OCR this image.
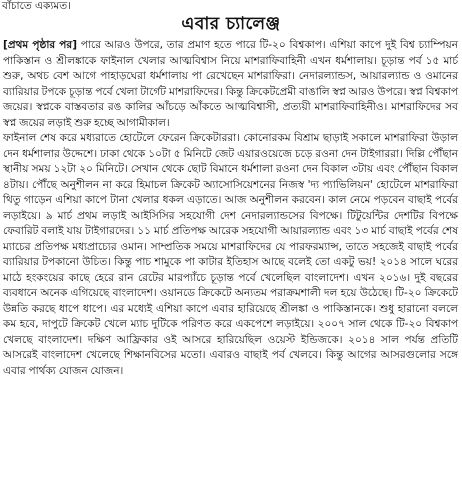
বাঁচাতে এক্যমত।
এবার চ্যালেঞ্জ

[প্রথম পৃষ্ঠার পর] পারে আরও উপরে, তার প্রমাণ হতে পারে টি-২০ বিশ্বকাপ। এশিয়া কাপে দুই বিশ্ব চ্যাম্পিয়ন পাকিস্তান ও শ্রীলঙ্কাকে ফাইনাল খেলার আত্মবিশ্বাস নিয়ে মাশরাফিবাহিনী এখন ধর্মশালায়। চূড়ান্ত পর্ব ১৫ মার্চ শুরু, অথচ বেশ আগে পাহাড়ঘেরা ধর্মশালায় পা রেখেছেন মাশরাফিরা। নেদারল্যান্ডস, আয়ারল্যান্ড ও ওমানের ব্যারিয়ার টপকে চূড়ান্ত পর্বে খেলা টার্গেট মাশরাফিদের। কিন্তু ক্রিকেটপ্রেমী বাঙালি স্বপ্ন আরও উপরে। স্বপ্ন বিশ্বকাপ জয়ের। স্বপ্নকে বাস্তবতার রঙ কালির আঁচড়ে আঁকতে আত্মবিশ্বাসী, প্রত্যয়ী মাশরাফিবাহিনীও। মাশরাফিদের সব স্বপ্ন জয়ের লড়াই শুরু হচ্ছে আগামীকাল।

ফাইনাল শেষ করে মধ্যরাতে হোটেলে ফেরেন ক্রিকেটাররা। কোনোরকম বিশ্রাম ছাড়াই সকালে মাশরাফিরা উড়াল দেন ধর্মশালার উদ্দেশে। ঢাকা থেকে ১০টা ৫ মিনিটে জেট এয়ারওয়েজে চড়ে রওনা দেন টাইগাররা। দিল্লি পৌঁছান স্থানীয় সময় ১২টা ২০ মিনিটে। সেখান থেকে ছোট বিমানে ধর্মশালা রওনা দেন বিকাল ৩টায় এবং পৌঁছান বিকাল ৪টায়। পৌঁছে অনুশীলন না করে হিমাচল ক্রিকেট অ্যাসোসিয়েশনের নিজস্ব 'দ্য প্যাভিলিয়ন' হোটেলে মাশরাফিরা থিতু গাড়েন এশিয়া কাপে টানা খেলার ধকল এড়াতে। আজ অনুশীলন করবেন। কাল নেমে পড়বেন বাছাই পর্বের লড়াইয়ে। ৯ মার্চ প্রথম লড়াই আইসিসির সহযোগী দেশ নেদারল্যান্ডসের বিপক্ষে। টিটুয়েন্টির দেশটির বিপক্ষে ফেবারিট বলাই যায় টাইগারদের। ১১ মার্চ প্রতিপক্ষ আরেক সহযোগী আয়ারল্যান্ড এবং ১৩ মার্চ বাছাই পর্বের শেষ ম্যাচের প্রতিপক্ষ মধ্যপ্রাচ্যের ওমান। সাম্প্রতিক সময়ে মাশরাফিদের যে পারফরম্যান্স, তাতে সহজেই বাছাই পর্বের ব্যারিয়ার টপকানো উচিত। কিন্তু পাচ শামুকে পা কাটার ইতিহাস আছে বলেই তো একটু ভয়! ২০১৪ সালে ঘরের মাঠে হংকংয়ের কাছে হেরে রান রেটের মারপ্যাঁচে চূড়ান্ত পর্বে খেলেছিল বাংলাদেশ। এখন ২০১৬। দুই বছরের ব্যবধানে অনেক এগিয়েছে বাংলাদেশ। ওয়ানডে ক্রিকেটে অন্যতম পরাক্রমশালী দল হয়ে উঠেছে। টি-২০ ক্রিকেটে উন্নতি করছে ধাপে ধাপে। এর মধ্যেই এশিয়া কাপে এবার হারিয়েছে শ্রীলঙ্কা ও পাকিস্তানকে। শুধু হারানো বললে কম হবে, দাপুটে ক্রিকেট খেলে ম্যাচ দুটিকে পরিণত করে একপেশে লড়াইয়ে। ২০০৭ সাল থেকে টি-২০ বিশ্বকাপ খেলছে বাংলাদেশ। দক্ষিণ আফ্রিকার ওই আসরে হারিয়েছিল ওয়েস্ট ইন্ডিজকে। ২০১৪ সাল পর্যন্ত প্রতিটি আসরেই বাংলাদেশ খেলেছে শিক্ষানবিসের মতো। এবারও বাছাই পর্ব খেলবে। কিন্তু আগের আসরগুলোর সঙ্গে এবার পার্থক্য যোজন যোজন।
